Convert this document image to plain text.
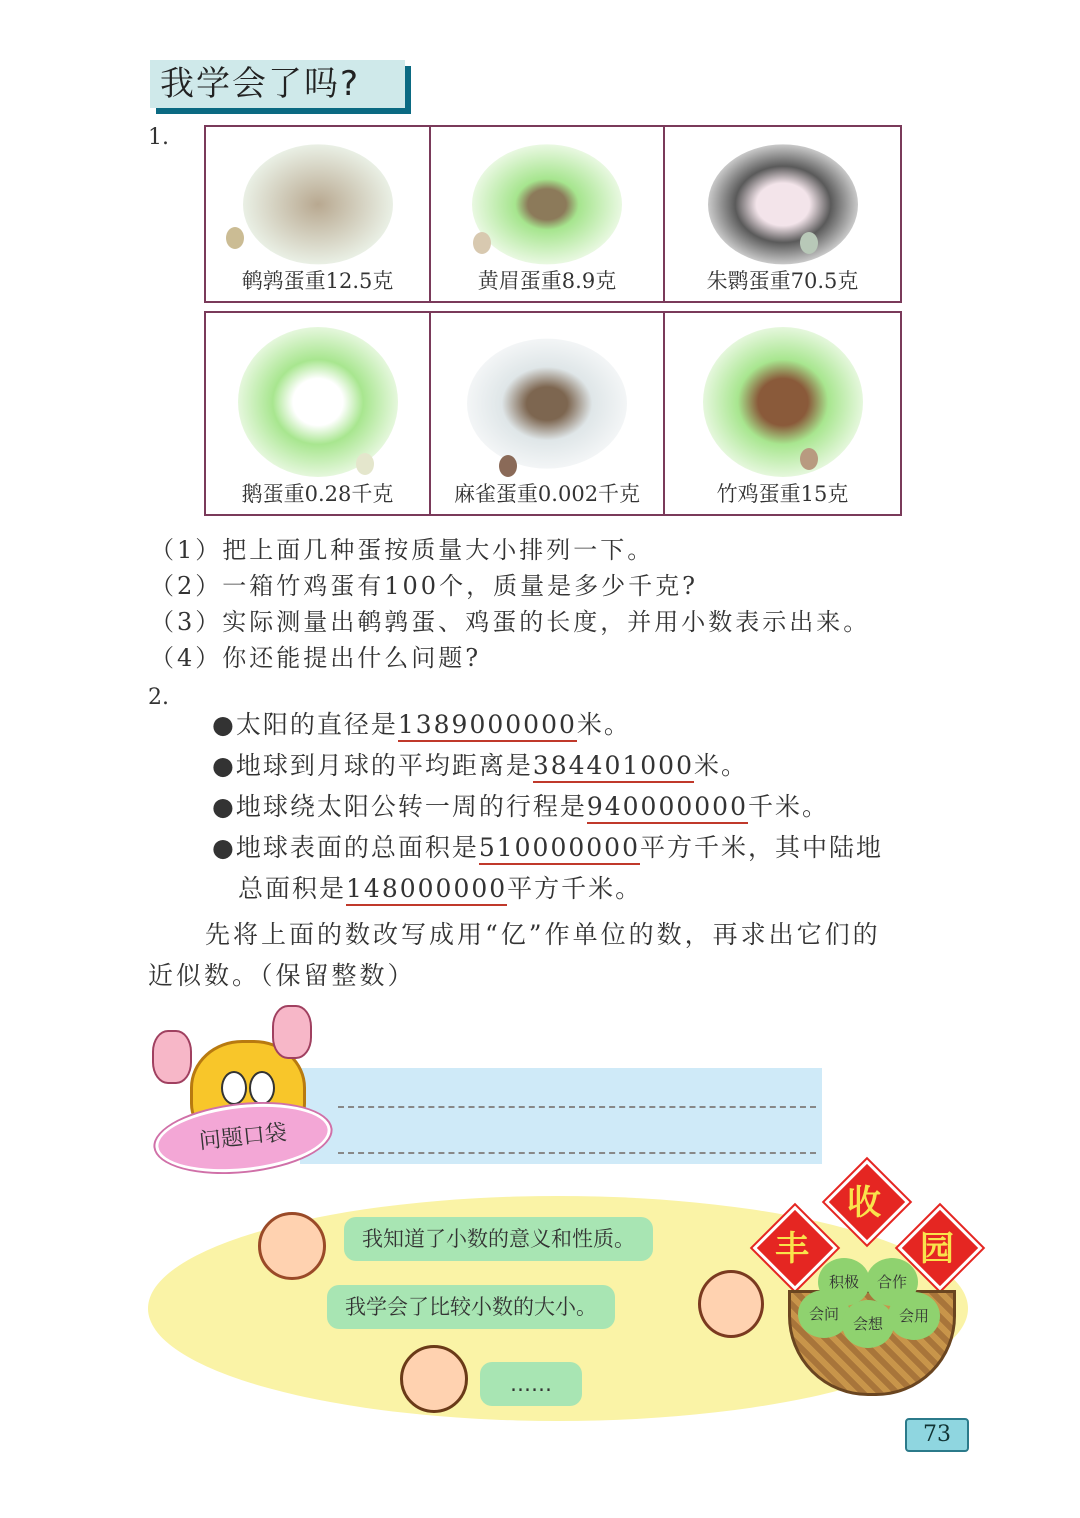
我学会了吗?
1.
鹌鹑蛋重12.5克	黄眉蛋重8.9克	朱鹮蛋重70.5克
鹅蛋重0.28千克	麻雀蛋重0.002千克	竹鸡蛋重15克
（1）把上面几种蛋按质量大小排列一下。
（2）一箱竹鸡蛋有100个，质量是多少千克?
（3）实际测量出鹌鹑蛋、鸡蛋的长度，并用小数表示出来。
（4）你还能提出什么问题?
2.
●太阳的直径是1389000000米。
●地球到月球的平均距离是384401000米。
●地球绕太阳公转一周的行程是940000000千米。
●地球表面的总面积是510000000平方千米，其中陆地
总面积是148000000平方千米。
先将上面的数改写成用“亿”作单位的数，再求出它们的
近似数。（保留整数）
问题口袋
我知道了小数的意义和性质。
我学会了比较小数的大小。
……
丰
收
园
积极	合作
会问
会想	会用
73
